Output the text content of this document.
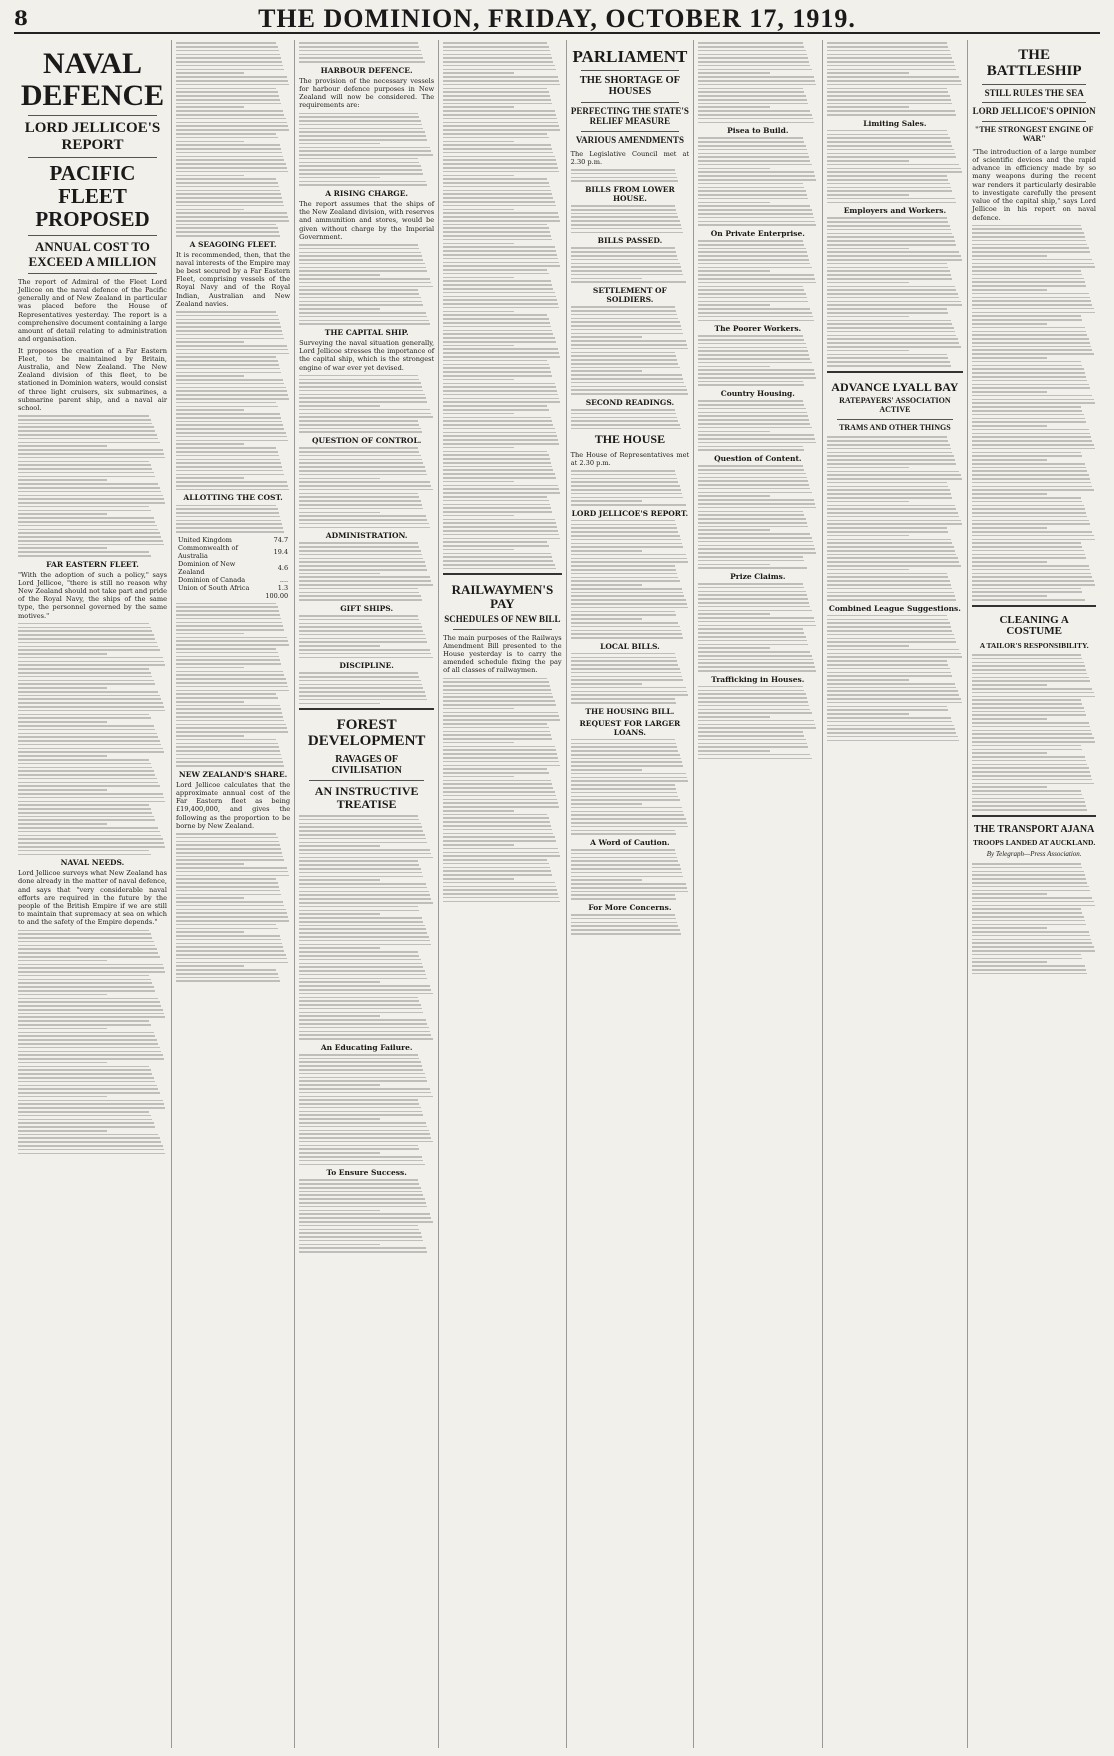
8	THE DOMINION, FRIDAY, OCTOBER 17, 1919.
NAVAL DEFENCE
LORD JELLICOE'S REPORT
PACIFIC FLEET PROPOSED
ANNUAL COST TO EXCEED A MILLION

The report of Admiral of the Fleet Lord Jellicoe on the naval defence of the Pacific generally and of New Zealand in particular was placed before the House of Representatives yesterday. The report is a comprehensive document containing a large amount of detail relating to administration and organisation.

It proposes the creation of a Far Eastern Fleet, to be maintained by Britain, Australia, and New Zealand. The New Zealand division of this fleet, to be stationed in Dominion waters, would consist of three light cruisers, six submarines, a submarine parent ship, and a naval air school.

FAR EASTERN FLEET.

"With the adoption of such a policy," says Lord Jellicoe, "there is still no reason why New Zealand should not take part and pride of the Royal Navy, the ships of the same type, the personnel governed by the same motives."

NAVAL NEEDS.

Lord Jellicoe surveys what New Zealand has done already in the matter of naval defence, and says that "very considerable naval efforts are required in the future by the people of the British Empire if we are still to maintain that supremacy at sea on which to and the safety of the Empire depends."

A SEAGOING FLEET.

It is recommended, then, that the naval interests of the Empire may be best secured by a Far Eastern Fleet, comprising vessels of the Royal Navy and of the Royal Indian, Australian and New Zealand navies.

ALLOTTING THE COST.
United Kingdom	74.7
Commonwealth of Australia	19.4
Dominion of New Zealand	4.6
Dominion of Canada	....
Union of South Africa	1.3
	100.00
NEW ZEALAND'S SHARE.

Lord Jellicoe calculates that the approximate annual cost of the Far Eastern fleet as being £19,400,000, and gives the following as the proportion to be borne by New Zealand.

HARBOUR DEFENCE.

The provision of the necessary vessels for harbour defence purposes in New Zealand will now be considered. The requirements are:

A RISING CHARGE.

The report assumes that the ships of the New Zealand division, with reserves and ammunition and stores, would be given without charge by the Imperial Government.

THE CAPITAL SHIP.

Surveying the naval situation generally, Lord Jellicoe stresses the importance of the capital ship, which is the strongest engine of war ever yet devised.

QUESTION OF CONTROL.
ADMINISTRATION.
GIFT SHIPS.
DISCIPLINE.
FOREST DEVELOPMENT
RAVAGES OF CIVILISATION
AN INSTRUCTIVE TREATISE
An Educating Failure.
To Ensure Success.
RAILWAYMEN'S PAY
SCHEDULES OF NEW BILL

The main purposes of the Railways Amendment Bill presented to the House yesterday is to carry the amended schedule fixing the pay of all classes of railwaymen.

PARLIAMENT
THE SHORTAGE OF HOUSES
PERFECTING THE STATE'S RELIEF MEASURE
VARIOUS AMENDMENTS

The Legislative Council met at 2.30 p.m.

BILLS FROM LOWER HOUSE.
BILLS PASSED.
SETTLEMENT OF SOLDIERS.
SECOND READINGS.
THE HOUSE

The House of Representatives met at 2.30 p.m.

LORD JELLICOE'S REPORT.
LOCAL BILLS.
THE HOUSING BILL.
REQUEST FOR LARGER LOANS.
A Word of Caution.
For More Concerns.
Pisea to Build.
On Private Enterprise.
The Poorer Workers.
Country Housing.
Question of Content.
Prize Claims.
Trafficking in Houses.
Limiting Sales.
Employers and Workers.
ADVANCE LYALL BAY
RATEPAYERS' ASSOCIATION ACTIVE
TRAMS AND OTHER THINGS
Combined League Suggestions.
THE BATTLESHIP
STILL RULES THE SEA
LORD JELLICOE'S OPINION
"THE STRONGEST ENGINE OF WAR"

"The introduction of a large number of scientific devices and the rapid advance in efficiency made by so many weapons during the recent war renders it particularly desirable to investigate carefully the present value of the capital ship," says Lord Jellicoe in his report on naval defence.

CLEANING A COSTUME
A TAILOR'S RESPONSIBILITY.
THE TRANSPORT AJANA
TROOPS LANDED AT AUCKLAND.
By Telegraph—Press Association.
